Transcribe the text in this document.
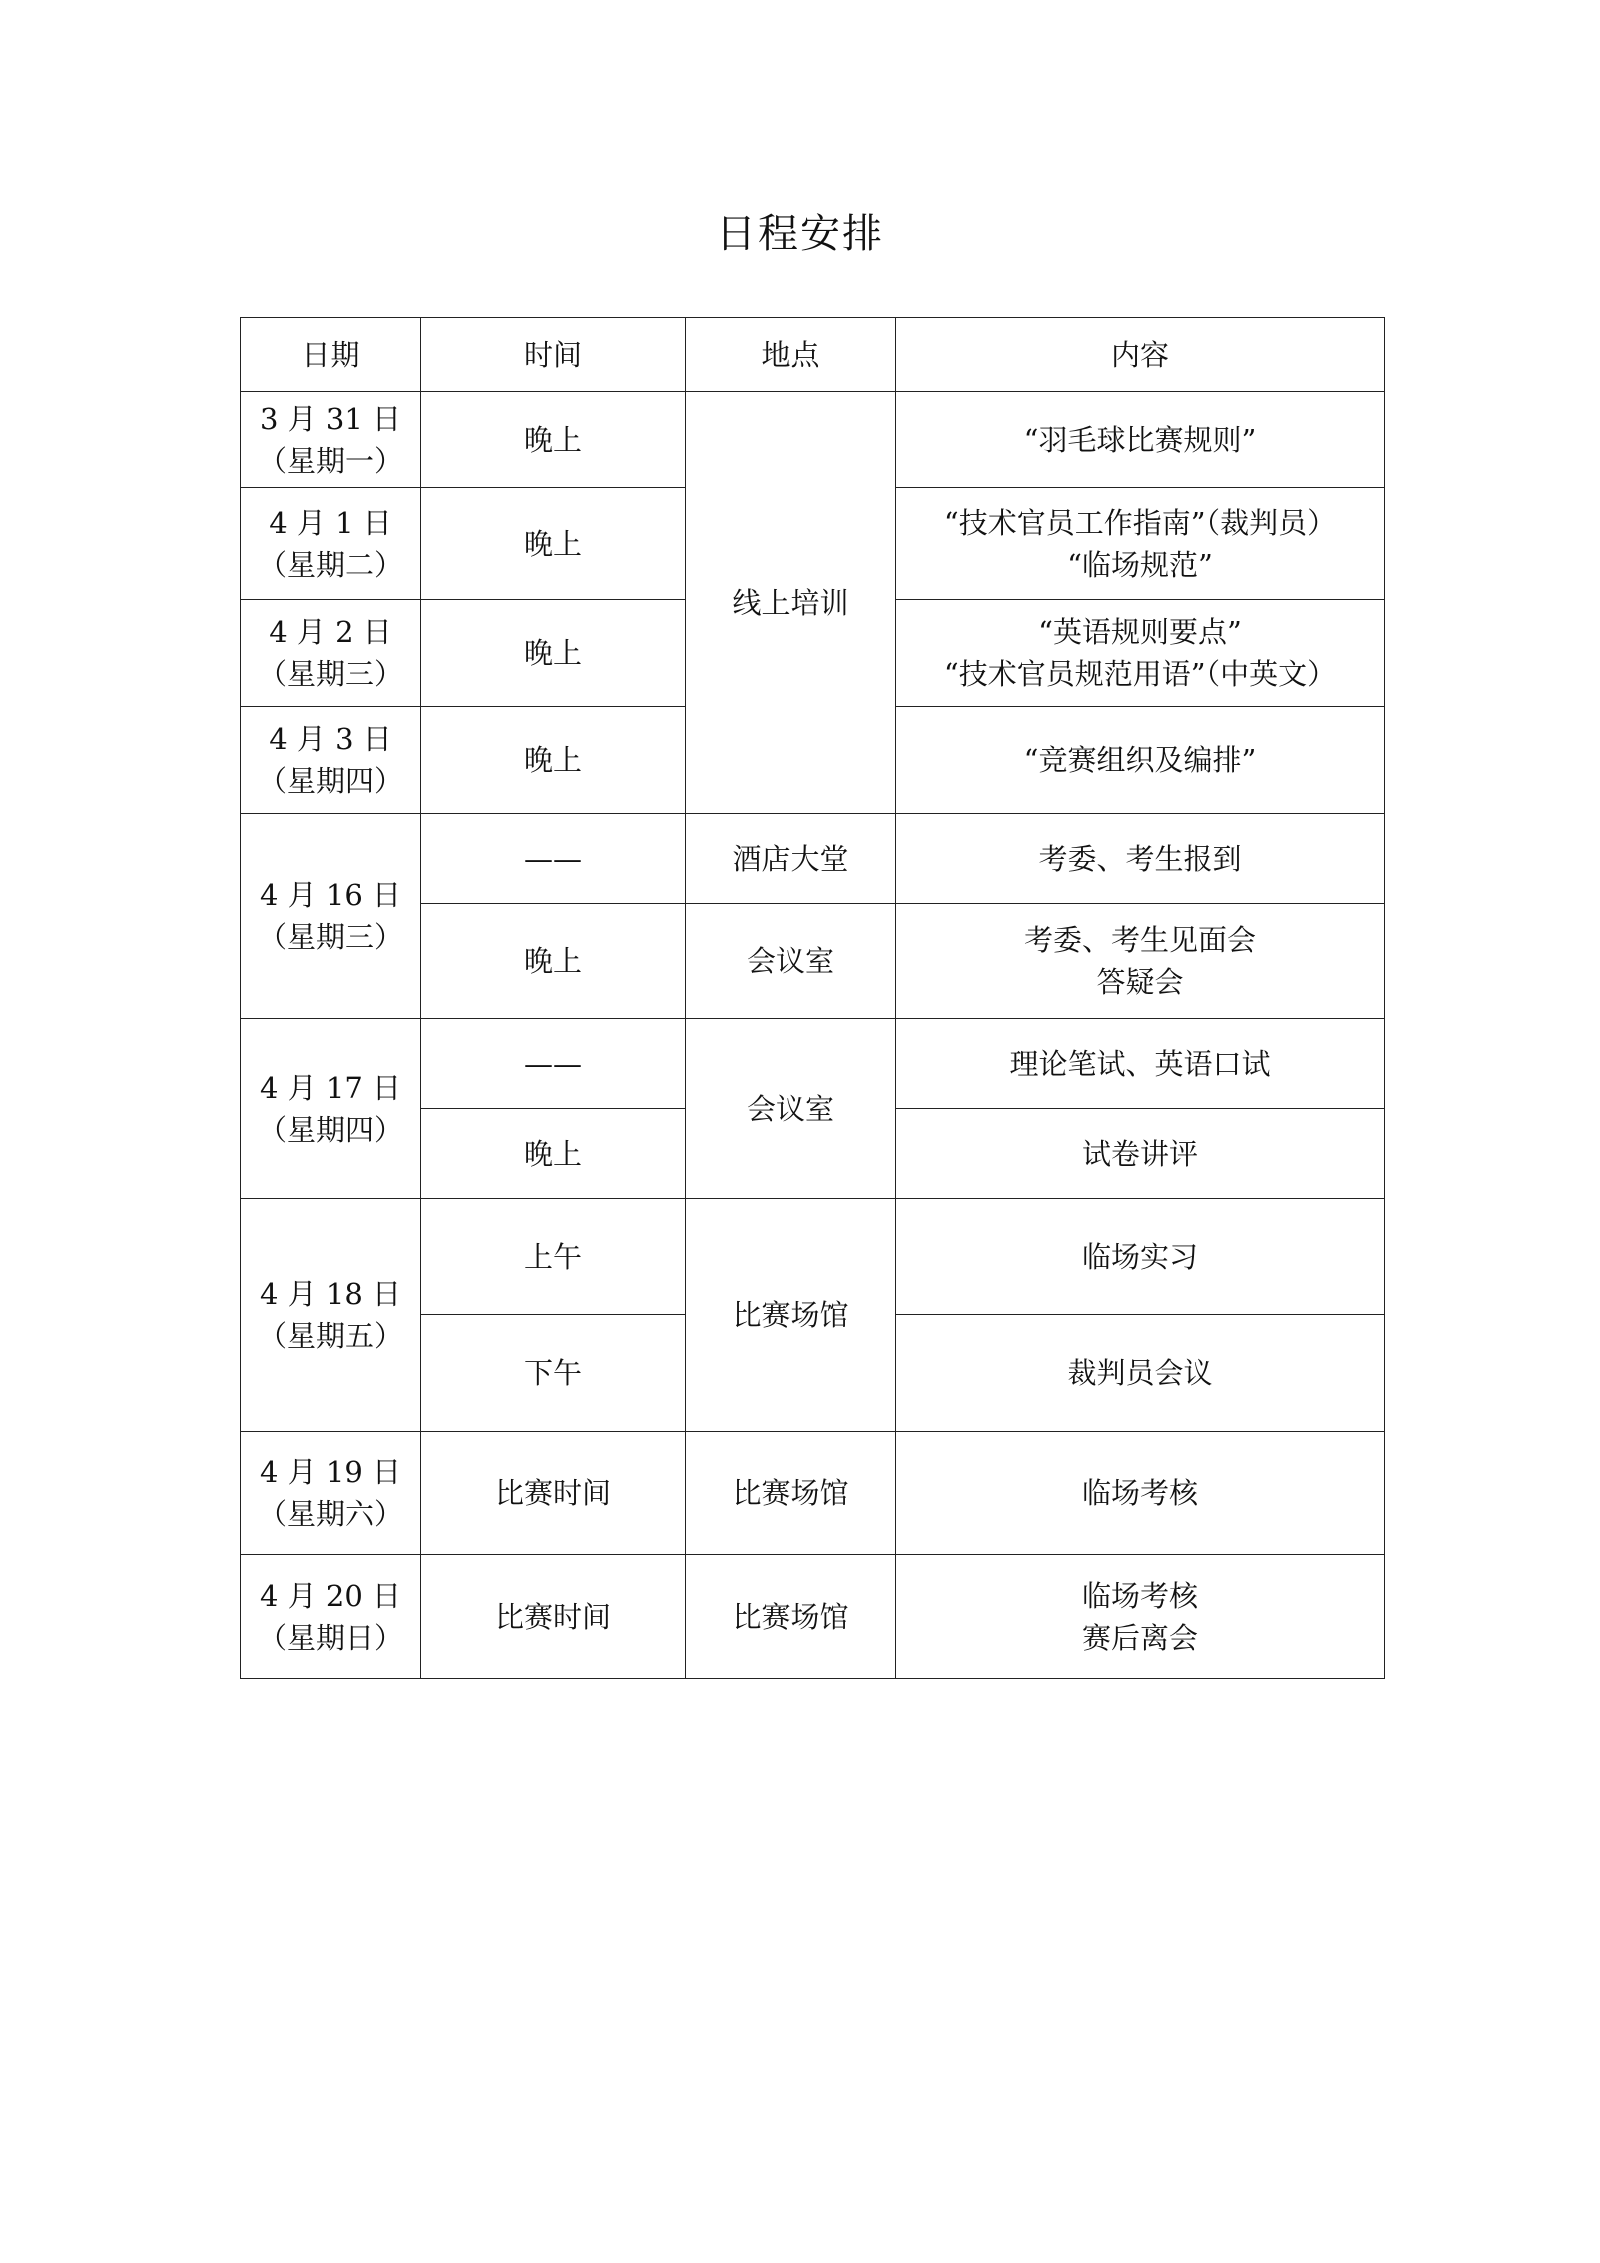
日程安排
日期	时间	地点	内容

3 月 31 日
（星期一）	晚上	线上培训	“羽毛球比赛规则”

4 月 1 日
（星期二）	晚上		“技术官员工作指南”（裁判员）
“临场规范”

4 月 2 日
（星期三）	晚上		“英语规则要点”
“技术官员规范用语”（中英文）

4 月 3 日
（星期四）	晚上		“竞赛组织及编排”

4 月 16 日
（星期三）	——	酒店大堂	考委、考生报到

	晚上	会议室	考委、考生见面会
答疑会

4 月 17 日
（星期四）	——	会议室	理论笔试、英语口试

	晚上		试卷讲评

4 月 18 日
（星期五）	上午	比赛场馆	临场实习

	下午		裁判员会议

4 月 19 日
（星期六）	比赛时间	比赛场馆	临场考核

4 月 20 日
（星期日）	比赛时间	比赛场馆	临场考核
赛后离会
